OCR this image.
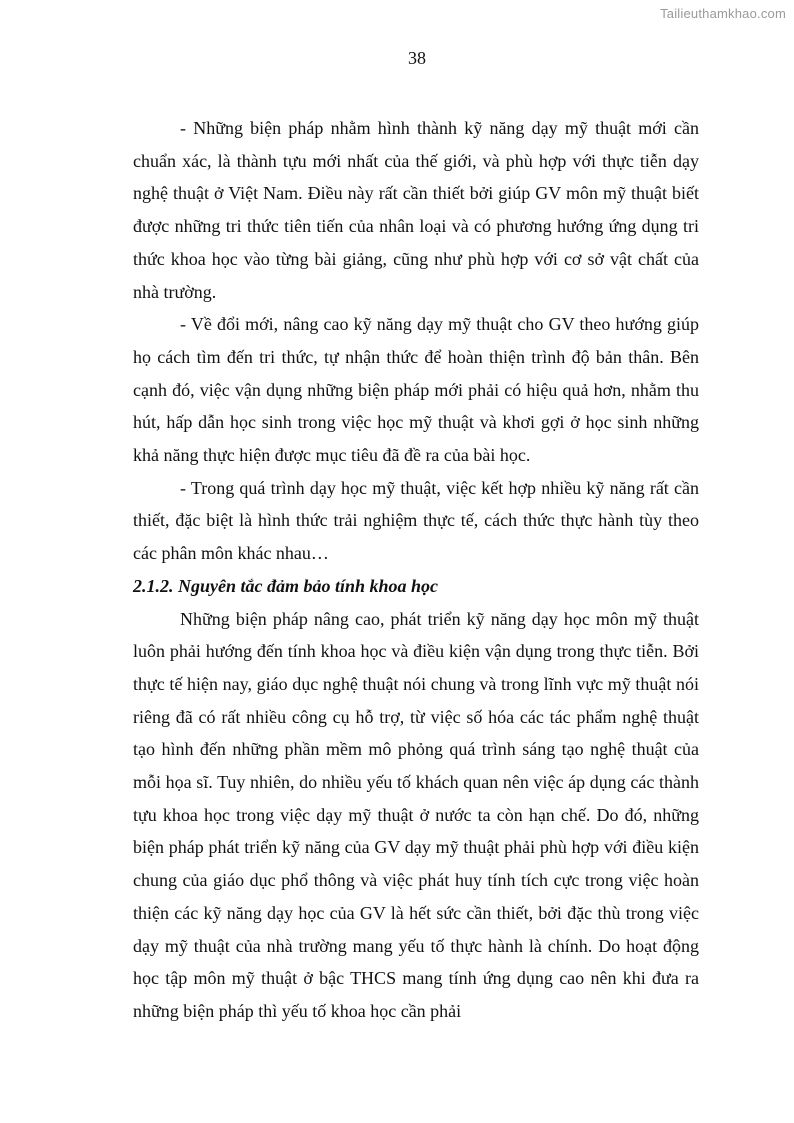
Tailieuthamkhao.com
38

- Những biện pháp nhằm hình thành kỹ năng dạy mỹ thuật mới cần chuẩn xác, là thành tựu mới nhất của thế giới, và phù hợp với thực tiễn dạy nghệ thuật ở Việt Nam. Điều này rất cần thiết bởi giúp GV môn mỹ thuật biết được những tri thức tiên tiến của nhân loại và có phương hướng ứng dụng tri thức khoa học vào từng bài giảng, cũng như phù hợp với cơ sở vật chất của nhà trường.

- Về đổi mới, nâng cao kỹ năng dạy mỹ thuật cho GV theo hướng giúp họ cách tìm đến tri thức, tự nhận thức để hoàn thiện trình độ bản thân. Bên cạnh đó, việc vận dụng những biện pháp mới phải có hiệu quả hơn, nhằm thu hút, hấp dẫn học sinh trong việc học mỹ thuật và khơi gợi ở học sinh những khả năng thực hiện được mục tiêu đã đề ra của bài học.

- Trong quá trình dạy học mỹ thuật, việc kết hợp nhiều kỹ năng rất cần thiết, đặc biệt là hình thức trải nghiệm thực tế, cách thức thực hành tùy theo các phân môn khác nhau…

2.1.2. Nguyên tắc đảm bảo tính khoa học

Những biện pháp nâng cao, phát triển kỹ năng dạy học môn mỹ thuật luôn phải hướng đến tính khoa học và điều kiện vận dụng trong thực tiễn. Bởi thực tế hiện nay, giáo dục nghệ thuật nói chung và trong lĩnh vực mỹ thuật nói riêng đã có rất nhiều công cụ hỗ trợ, từ việc số hóa các tác phẩm nghệ thuật tạo hình đến những phần mềm mô phỏng quá trình sáng tạo nghệ thuật của mỗi họa sĩ. Tuy nhiên, do nhiều yếu tố khách quan nên việc áp dụng các thành tựu khoa học trong việc dạy mỹ thuật ở nước ta còn hạn chế. Do đó, những biện pháp phát triển kỹ năng của GV dạy mỹ thuật phải phù hợp với điều kiện chung của giáo dục phổ thông và việc phát huy tính tích cực trong việc hoàn thiện các kỹ năng dạy học của GV là hết sức cần thiết, bởi đặc thù trong việc dạy mỹ thuật của nhà trường mang yếu tố thực hành là chính. Do hoạt động học tập môn mỹ thuật ở bậc THCS mang tính ứng dụng cao nên khi đưa ra những biện pháp thì yếu tố khoa học cần phải
